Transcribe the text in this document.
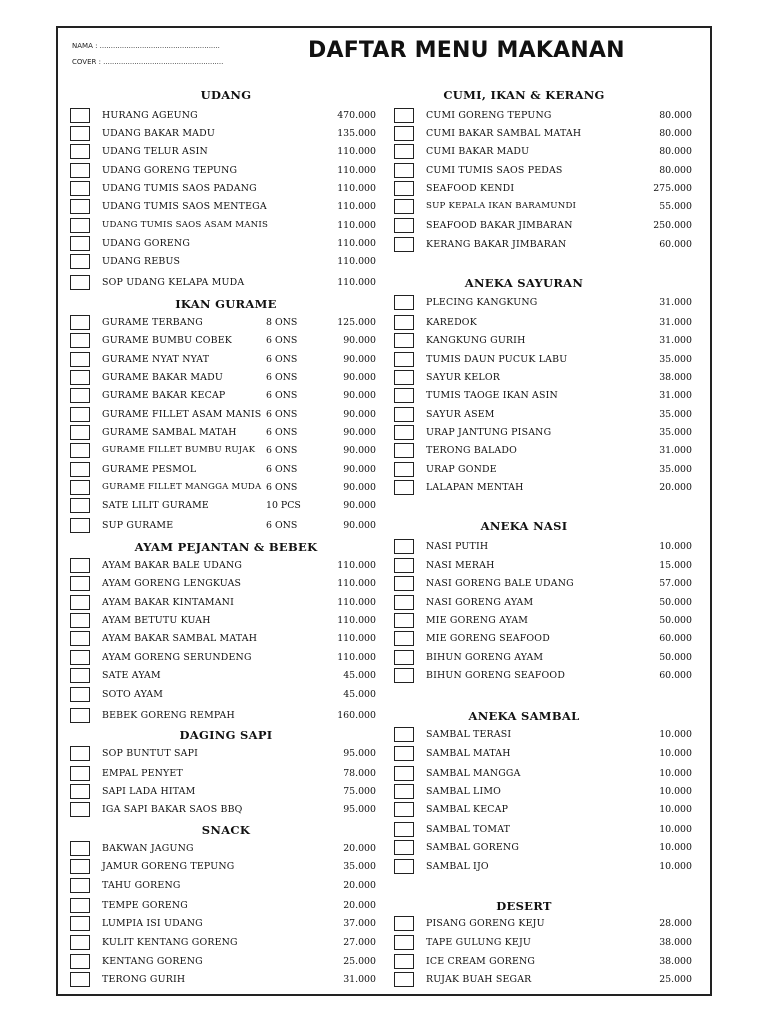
NAMA : ......................................................
COVER : ......................................................	DAFTAR MENU MAKANAN
UDANG
HURANG AGEUNG	470.000
UDANG BAKAR MADU	135.000
UDANG TELUR ASIN	110.000
UDANG GORENG TEPUNG	110.000
UDANG TUMIS SAOS PADANG	110.000
UDANG TUMIS SAOS MENTEGA	110.000
UDANG TUMIS SAOS ASAM MANIS	110.000
UDANG GORENG	110.000
UDANG REBUS	110.000
SOP UDANG KELAPA MUDA	110.000
IKAN GURAME
GURAME TERBANG	8 ONS	125.000
GURAME BUMBU COBEK	6 ONS	90.000
GURAME NYAT NYAT	6 ONS	90.000
GURAME BAKAR MADU	6 ONS	90.000
GURAME BAKAR KECAP	6 ONS	90.000
GURAME FILLET ASAM MANIS 6 ONS	90.000
GURAME SAMBAL MATAH	6 ONS	90.000
GURAME FILLET BUMBU RUJAK 6 ONS	90.000
GURAME PESMOL	6 ONS	90.000
GURAME FILLET MANGGA MUDA 6 ONS	90.000
SATE LILIT GURAME	10 PCS	90.000
SUP GURAME	6 ONS	90.000
AYAM PEJANTAN & BEBEK
AYAM BAKAR BALE UDANG	110.000
AYAM GORENG LENGKUAS	110.000
AYAM BAKAR KINTAMANI	110.000
AYAM BETUTU KUAH	110.000
AYAM BAKAR SAMBAL MATAH	110.000
AYAM GORENG SERUNDENG	110.000
SATE AYAM	45.000
SOTO AYAM	45.000
BEBEK GORENG REMPAH	160.000
DAGING SAPI
SOP BUNTUT SAPI	95.000
EMPAL PENYET	78.000
SAPI LADA HITAM	75.000
IGA SAPI BAKAR SAOS BBQ	95.000
SNACK
BAKWAN JAGUNG	20.000
JAMUR GORENG TEPUNG	35.000
TAHU GORENG	20.000
TEMPE GORENG	20.000
LUMPIA ISI UDANG	37.000
KULIT KENTANG GORENG	27.000
KENTANG GORENG	25.000
TERONG GURIH	31.000
CUMI, IKAN & KERANG
CUMI GORENG TEPUNG	80.000
CUMI BAKAR SAMBAL MATAH	80.000
CUMI BAKAR MADU	80.000
CUMI TUMIS SAOS PEDAS	80.000
SEAFOOD KENDI	275.000
SUP KEPALA IKAN BARAMUNDI	55.000
SEAFOOD BAKAR JIMBARAN	250.000
KERANG BAKAR JIMBARAN	60.000
ANEKA SAYURAN
PLECING KANGKUNG	31.000
KAREDOK	31.000
KANGKUNG GURIH	31.000
TUMIS DAUN PUCUK LABU	35.000
SAYUR KELOR	38.000
TUMIS TAOGE IKAN ASIN	31.000
SAYUR ASEM	35.000
URAP JANTUNG PISANG	35.000
TERONG BALADO	31.000
URAP GONDE	35.000
LALAPAN MENTAH	20.000
ANEKA NASI
NASI PUTIH	10.000
NASI MERAH	15.000
NASI GORENG BALE UDANG	57.000
NASI GORENG AYAM	50.000
MIE GORENG AYAM	50.000
MIE GORENG SEAFOOD	60.000
BIHUN GORENG AYAM	50.000
BIHUN GORENG SEAFOOD	60.000
ANEKA SAMBAL
SAMBAL TERASI	10.000
SAMBAL MATAH	10.000
SAMBAL MANGGA	10.000
SAMBAL LIMO	10.000
SAMBAL KECAP	10.000
SAMBAL TOMAT	10.000
SAMBAL GORENG	10.000
SAMBAL IJO	10.000
DESERT
PISANG GORENG KEJU	28.000
TAPE GULUNG KEJU	38.000
ICE CREAM GORENG	38.000
RUJAK BUAH SEGAR	25.000
